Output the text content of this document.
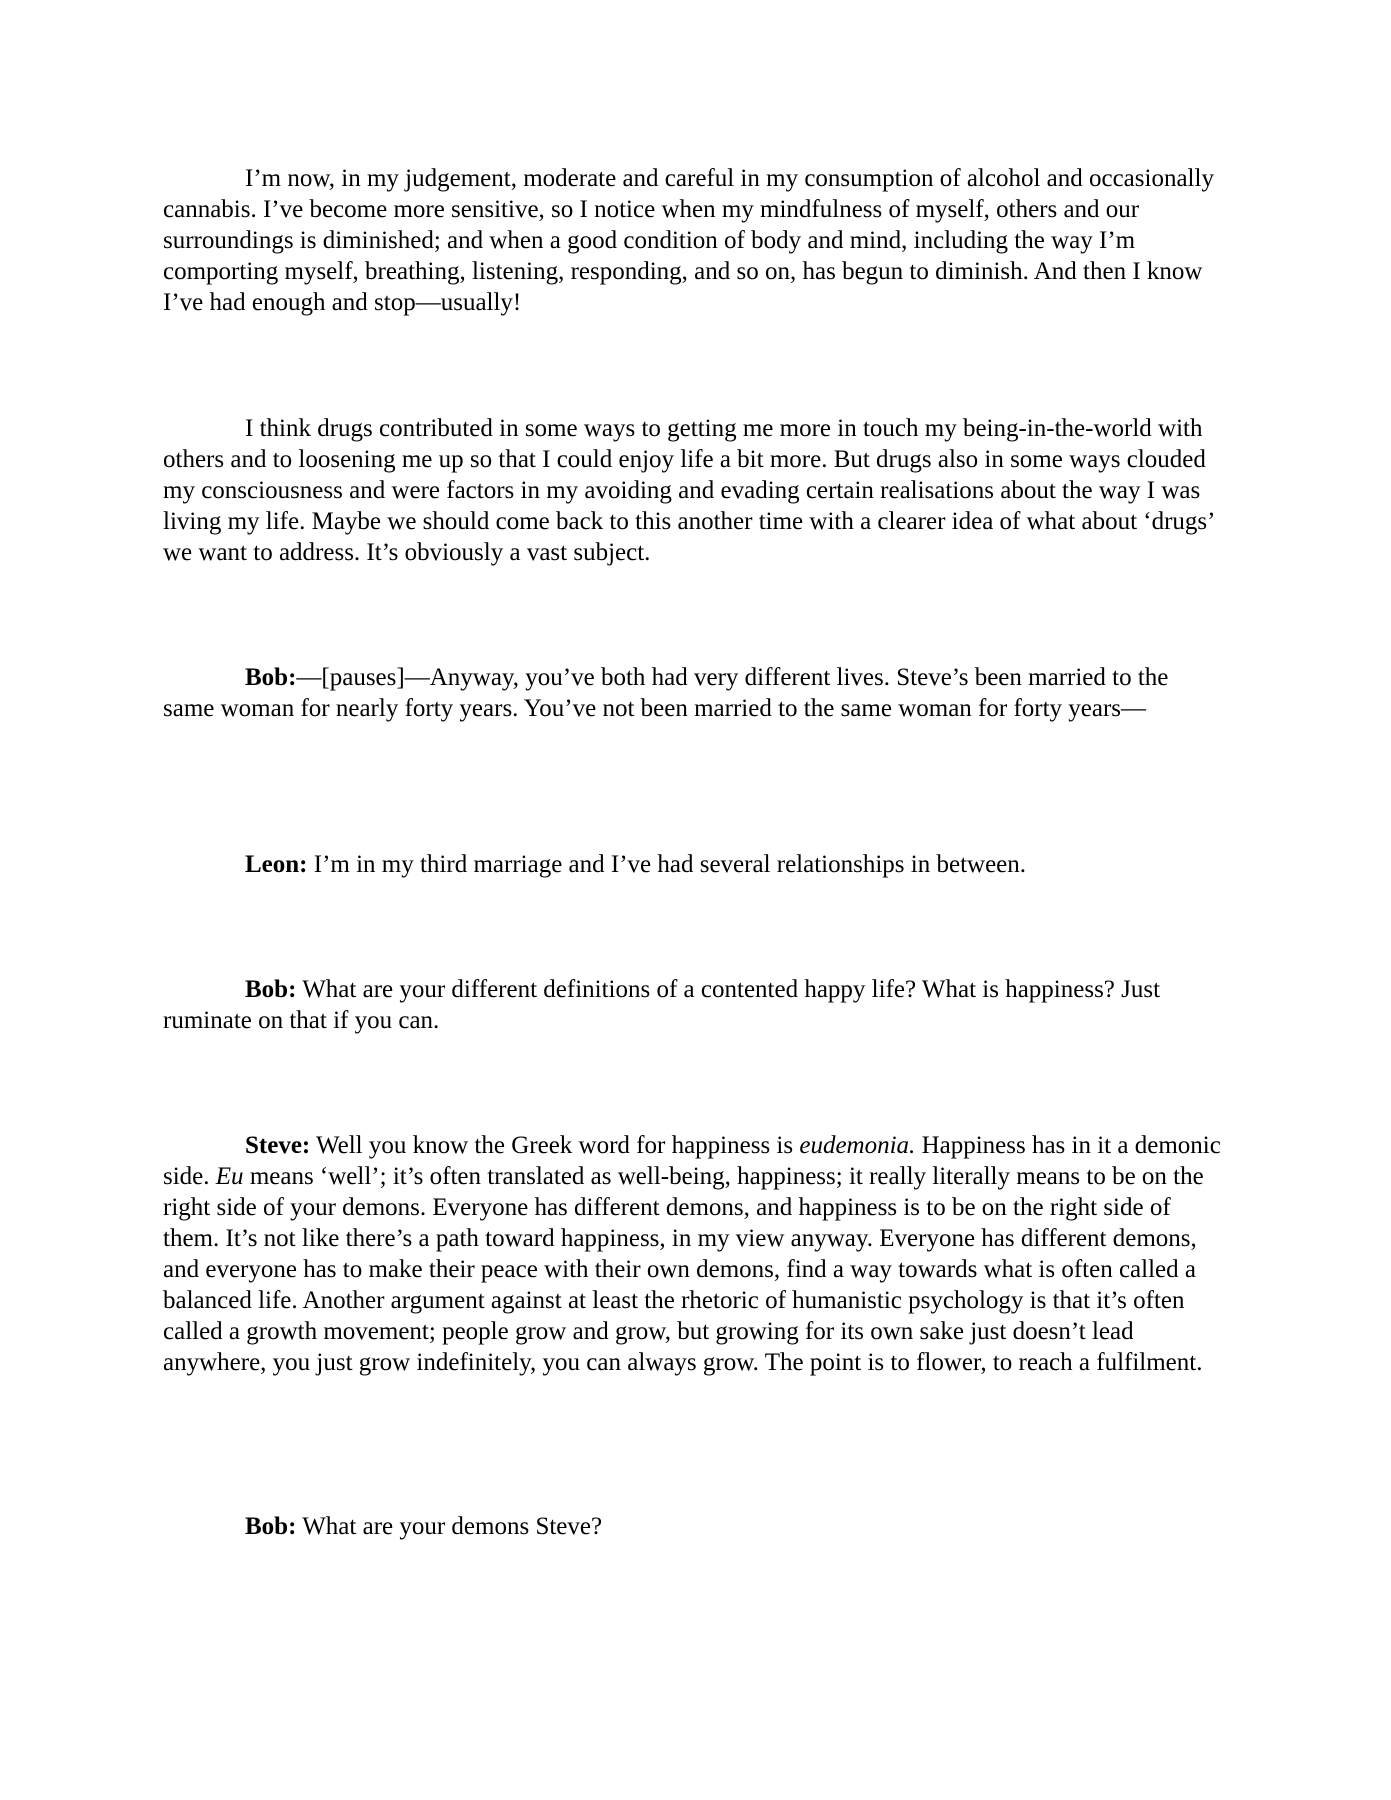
I’m now, in my judgement, moderate and careful in my consumption of alcohol and occasionally cannabis. I’ve become more sensitive, so I notice when my mindfulness of myself, others and our surroundings is diminished; and when a good condition of body and mind, including the way I’m comporting myself, breathing, listening, responding, and so on, has begun to diminish. And then I know I’ve had enough and stop—usually!

I think drugs contributed in some ways to getting me more in touch my being-in-the-world with others and to loosening me up so that I could enjoy life a bit more. But drugs also in some ways clouded my consciousness and were factors in my avoiding and evading certain realisations about the way I was living my life. Maybe we should come back to this another time with a clearer idea of what about ‘drugs’ we want to address. It’s obviously a vast subject.

Bob:—[pauses]—Anyway, you’ve both had very different lives. Steve’s been married to the same woman for nearly forty years. You’ve not been married to the same woman for forty years—

Leon: I’m in my third marriage and I’ve had several relationships in between.

Bob: What are your different definitions of a contented happy life? What is happiness? Just ruminate on that if you can.

Steve: Well you know the Greek word for happiness is eudemonia. Happiness has in it a demonic side. Eu means ‘well’; it’s often translated as well-being, happiness; it really literally means to be on the right side of your demons. Everyone has different demons, and happiness is to be on the right side of them. It’s not like there’s a path toward happiness, in my view anyway. Everyone has different demons, and everyone has to make their peace with their own demons, find a way towards what is often called a balanced life. Another argument against at least the rhetoric of humanistic psychology is that it’s often called a growth movement; people grow and grow, but growing for its own sake just doesn’t lead anywhere, you just grow indefinitely, you can always grow. The point is to flower, to reach a fulfilment.

Bob: What are your demons Steve?
